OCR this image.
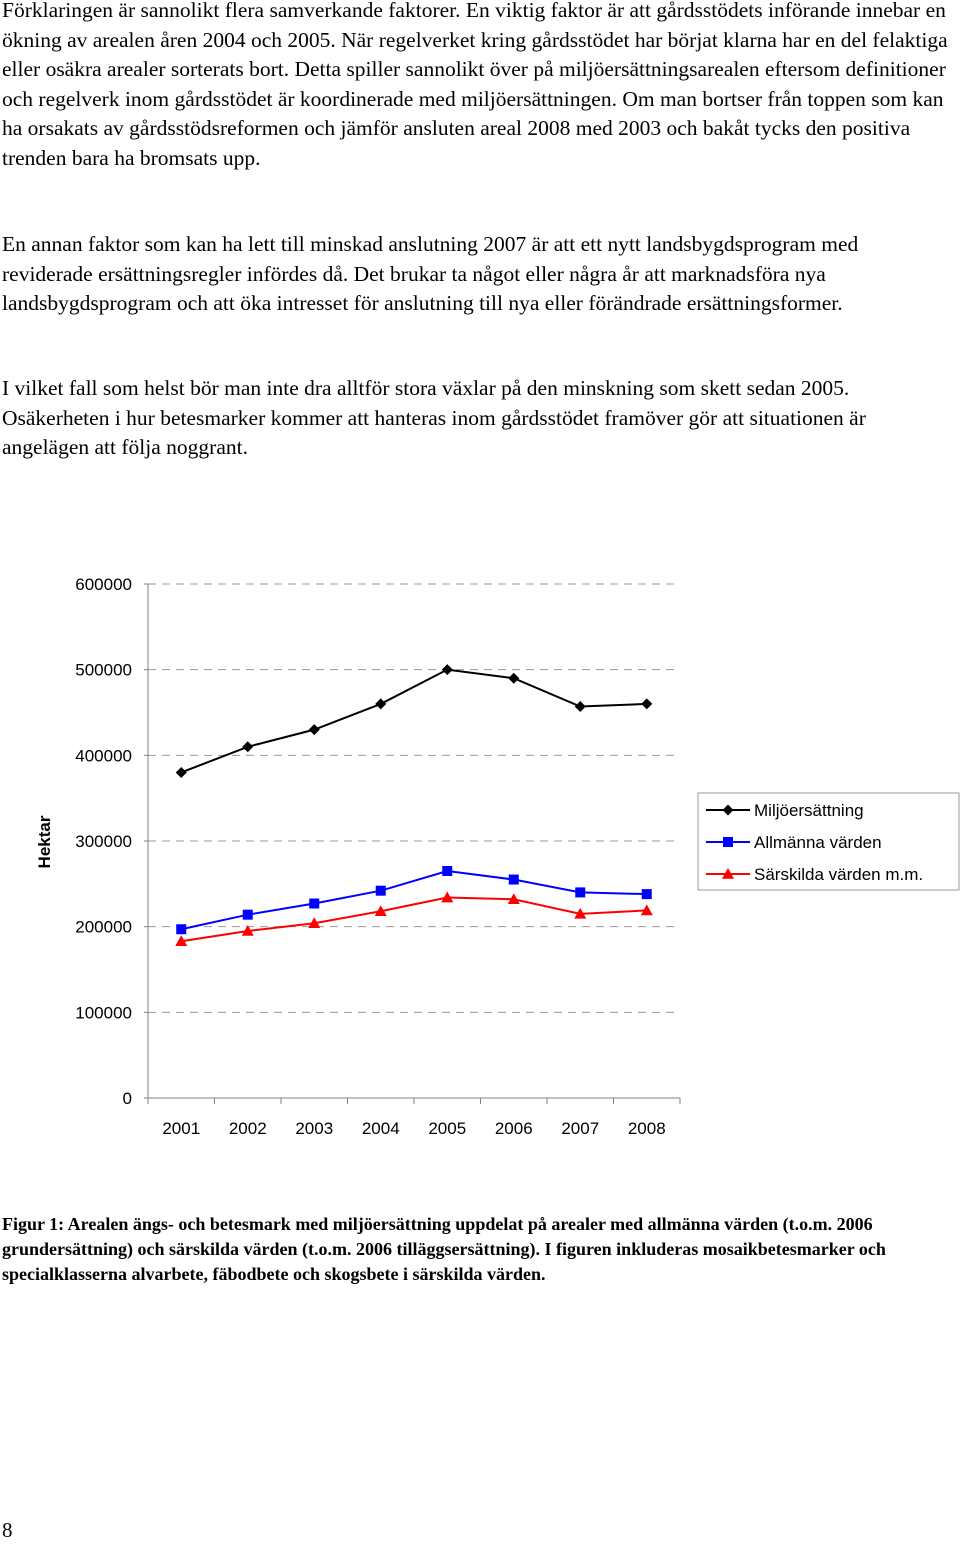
Förklaringen är sannolikt flera samverkande faktorer. En viktig faktor är att gårdsstödets införande innebar en ökning av arealen åren 2004 och 2005. När regelverket kring gårdsstödet har börjat klarna har en del felaktiga eller osäkra arealer sorterats bort. Detta spiller sannolikt över på miljöersättningsarealen eftersom definitioner och regelverk inom gårdsstödet är koordinerade med miljöersättningen. Om man bortser från toppen som kan ha orsakats av gårdsstödsreformen och jämför ansluten areal 2008 med 2003 och bakåt tycks den positiva trenden bara ha bromsats upp.

En annan faktor som kan ha lett till minskad anslutning 2007 är att ett nytt landsbygdsprogram med reviderade ersättningsregler infördes då. Det brukar ta något eller några år att marknadsföra nya landsbygdsprogram och att öka intresset för anslutning till nya eller förändrade ersättningsformer.

I vilket fall som helst bör man inte dra alltför stora växlar på den minskning som skett sedan 2005. Osäkerheten i hur betesmarker kommer att hanteras inom gårdsstödet framöver gör att situationen är angelägen att följa noggrant.

0
100000
200000
300000
400000
500000
600000
2001 2002 2003 2004 2005 2006 2007 2008
Hektar
Miljöersättning
Allmänna värden
Särskilda värden m.m.

Figur 1: Arealen ängs- och betesmark med miljöersättning uppdelat på arealer med allmänna värden (t.o.m. 2006 grundersättning) och särskilda värden (t.o.m. 2006 tilläggsersättning). I figuren inkluderas mosaikbetesmarker och specialklasserna alvarbete, fäbodbete och skogsbete i särskilda värden.

8
